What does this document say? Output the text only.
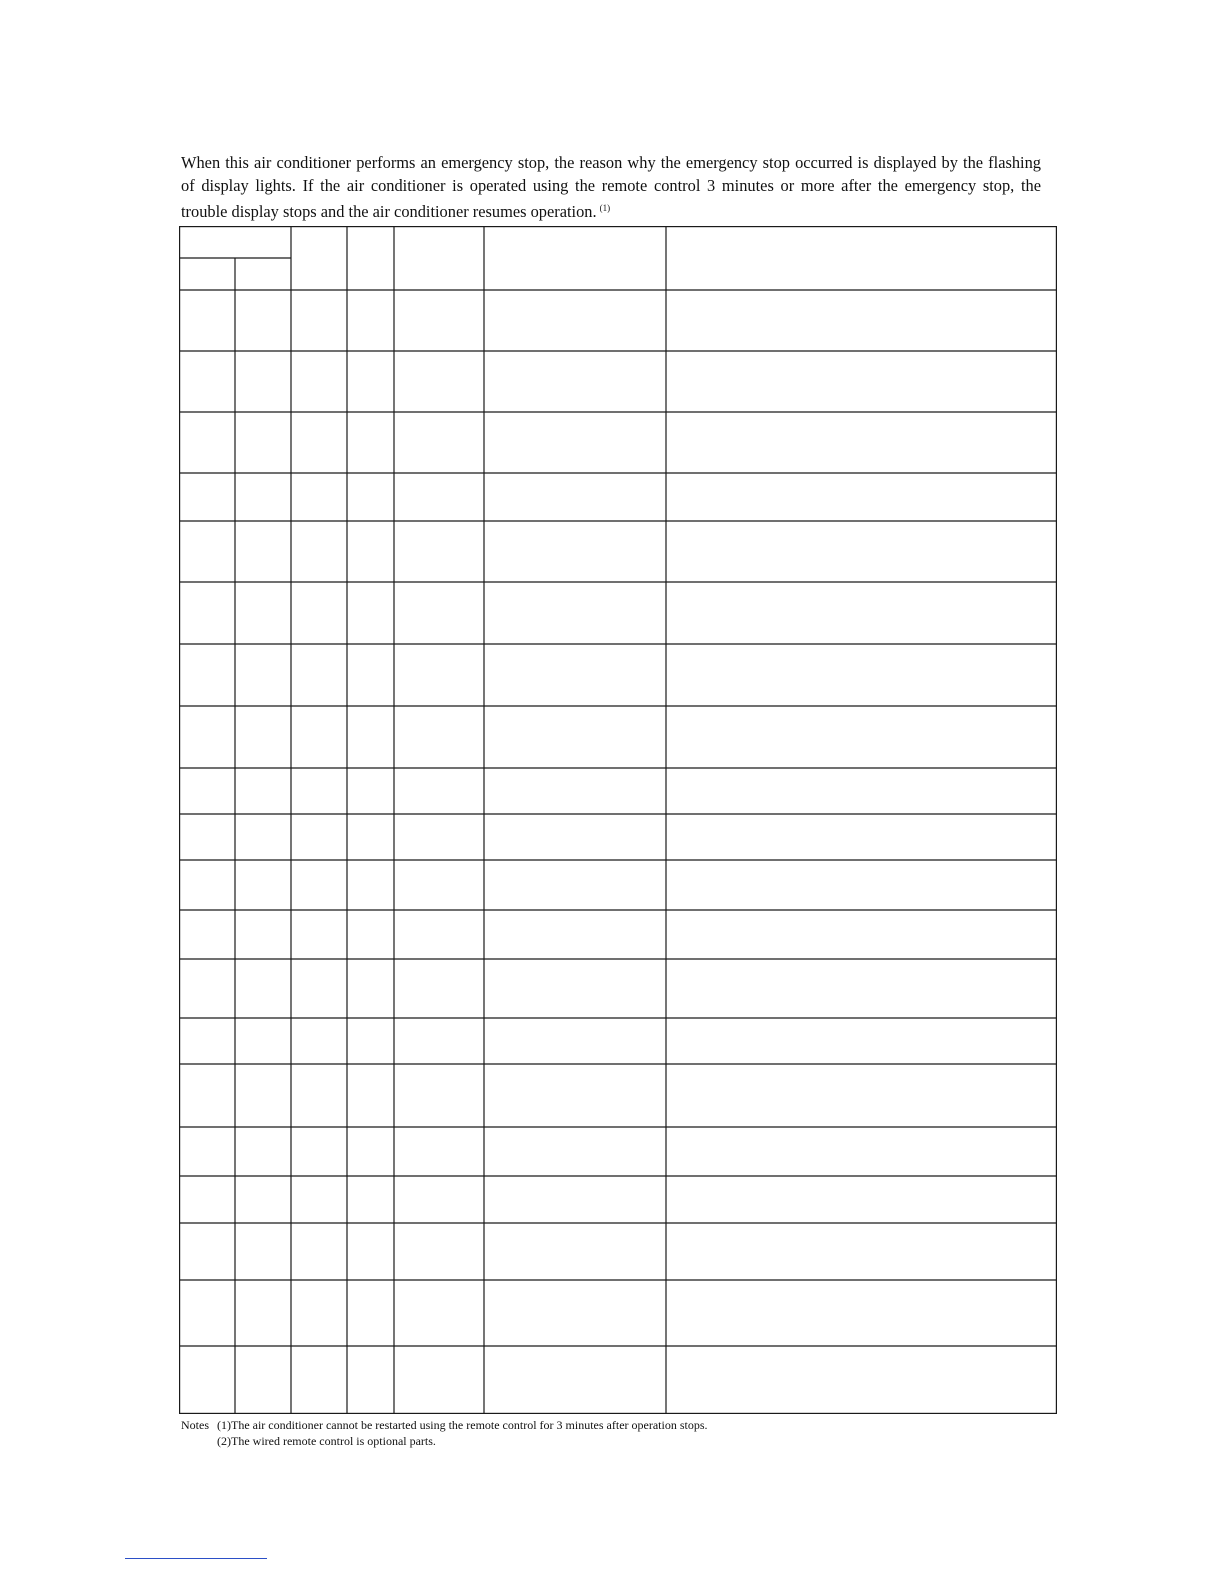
When this air conditioner performs an emergency stop, the reason why the emergency stop occurred is displayed by the flashing
of display lights. If the air conditioner is operated using the remote control 3 minutes or more after the emergency stop, the
trouble display stops and the air conditioner resumes operation. $^{(1)}$
Notes (1)The air conditioner cannot be restarted using the remote control for 3 minutes after operation stops.
(2)The wired remote control is optional parts.
